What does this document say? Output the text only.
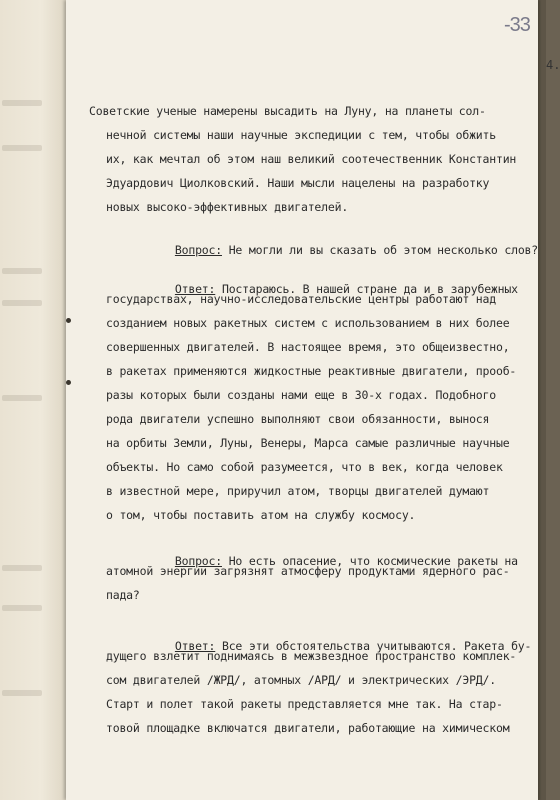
-33
4.
Советские ученые намерены высадить на Луну, на планеты сол-
нечной системы наши научные экспедиции с тем, чтобы обжить
их, как мечтал об этом наш великий соотечественник Константин
Эдуардович Циолковский. Наши мысли нацелены на разработку
новых высоко-эффективных двигателей.

Вопрос: Не могли ли вы сказать об этом несколько слов?

Ответ: Постараюсь. В нашей стране да и в зарубежных

государствах, научно-исследовательские центры работают над
созданием новых ракетных систем с использованием в них более
совершенных двигателей. В настоящее время, это общеизвестно,
в ракетах применяются жидкостные реактивные двигатели, прооб-
разы которых были созданы нами еще в 30-х годах. Подобного
рода двигатели успешно выполняют свои обязанности, вынося
на орбиты Земли, Луны, Венеры, Марса самые различные научные
объекты. Но само собой разумеется, что в век, когда человек
в известной мере, приручил атом, творцы двигателей думают
о том, чтобы поставить атом на службу космосу.

Вопрос: Но есть опасение, что космические ракеты на

атомной энергии загрязнят атмосферу продуктами ядерного рас-
пада?

Ответ: Все эти обстоятельства учитываются. Ракета бу-

дущего взлетит поднимаясь в межзвездное пространство комплек-
сом двигателей /ЖРД/, атомных /АРД/ и электрических /ЭРД/.
Старт и полет такой ракеты представляется мне так. На стар-
товой площадке включатся двигатели, работающие на химическом
